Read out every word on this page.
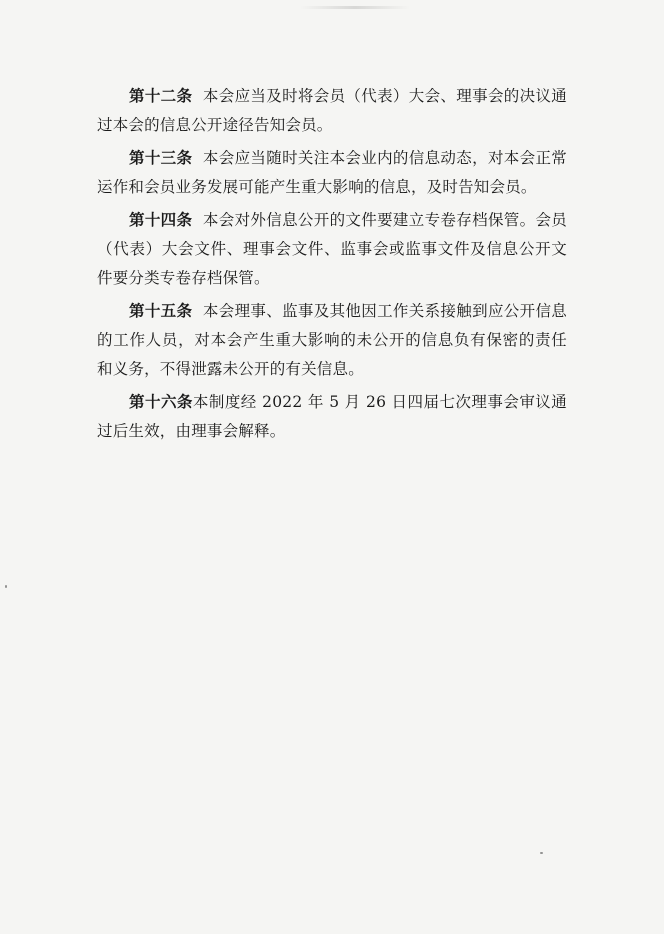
第十二条 本会应当及时将会员（代表）大会、理事会的决议通过本会的信息公开途径告知会员。

第十三条 本会应当随时关注本会业内的信息动态，对本会正常运作和会员业务发展可能产生重大影响的信息，及时告知会员。

第十四条 本会对外信息公开的文件要建立专卷存档保管。会员（代表）大会文件、理事会文件、监事会或监事文件及信息公开文件要分类专卷存档保管。

第十五条 本会理事、监事及其他因工作关系接触到应公开信息的工作人员，对本会产生重大影响的未公开的信息负有保密的责任和义务，不得泄露未公开的有关信息。

第十六条本制度经 2022 年 5 月 26 日四届七次理事会审议通过后生效，由理事会解释。
